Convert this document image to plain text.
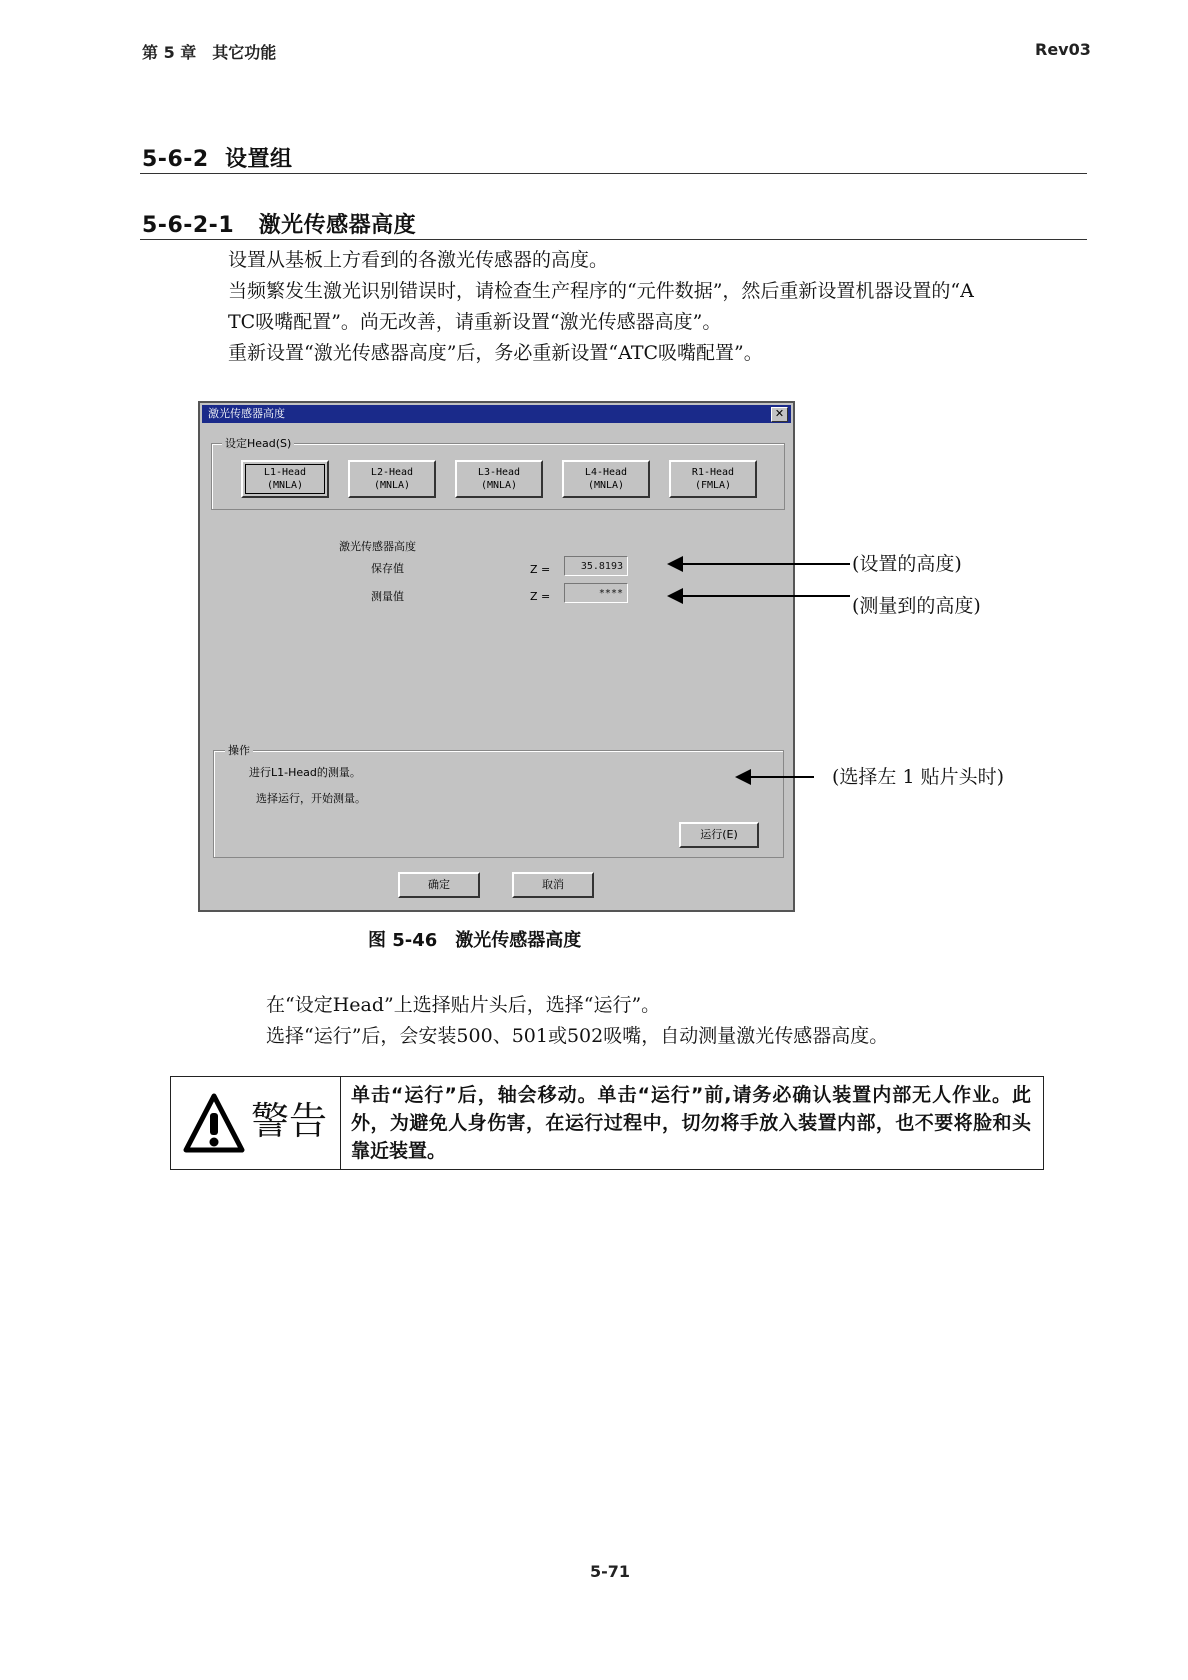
第 5 章　其它功能	Rev03
5-6-2 设置组
5-6-2-1 激光传感器高度
设置从基板上方看到的各激光传感器的高度。
当频繁发生激光识别错误时，请检查生产程序的“元件数据”，然后重新设置机器设置的“A
TC吸嘴配置”。尚无改善，请重新设置“激光传感器高度”。
重新设置“激光传感器高度”后，务必重新设置“ATC吸嘴配置”。
激光传感器高度	✕
设定Head(S)
L1-Head
(MNLA)
L2-Head
(MNLA)
L3-Head
(MNLA)
L4-Head
(MNLA)
R1-Head
(FMLA)
激光传感器高度
保存值
测量值
Z =
Z =
35.8193
****
操作
进行L1-Head的测量。
选择运行，开始测量。
运行(E)
确定	取消
(设置的高度)
(测量到的高度)
(选择左 1 贴片头时)
图 5-46　激光传感器高度
在“设定Head”上选择贴片头后，选择“运行”。
选择“运行”后，会安装500、501或502吸嘴，自动测量激光传感器高度。
警告
单击“运行”后，轴会移动。单击“运行”前,请务必确认装置内部无人作业。此外，为避免人身伤害，在运行过程中，切勿将手放入装置内部，也不要将脸和头靠近装置。
5-71
